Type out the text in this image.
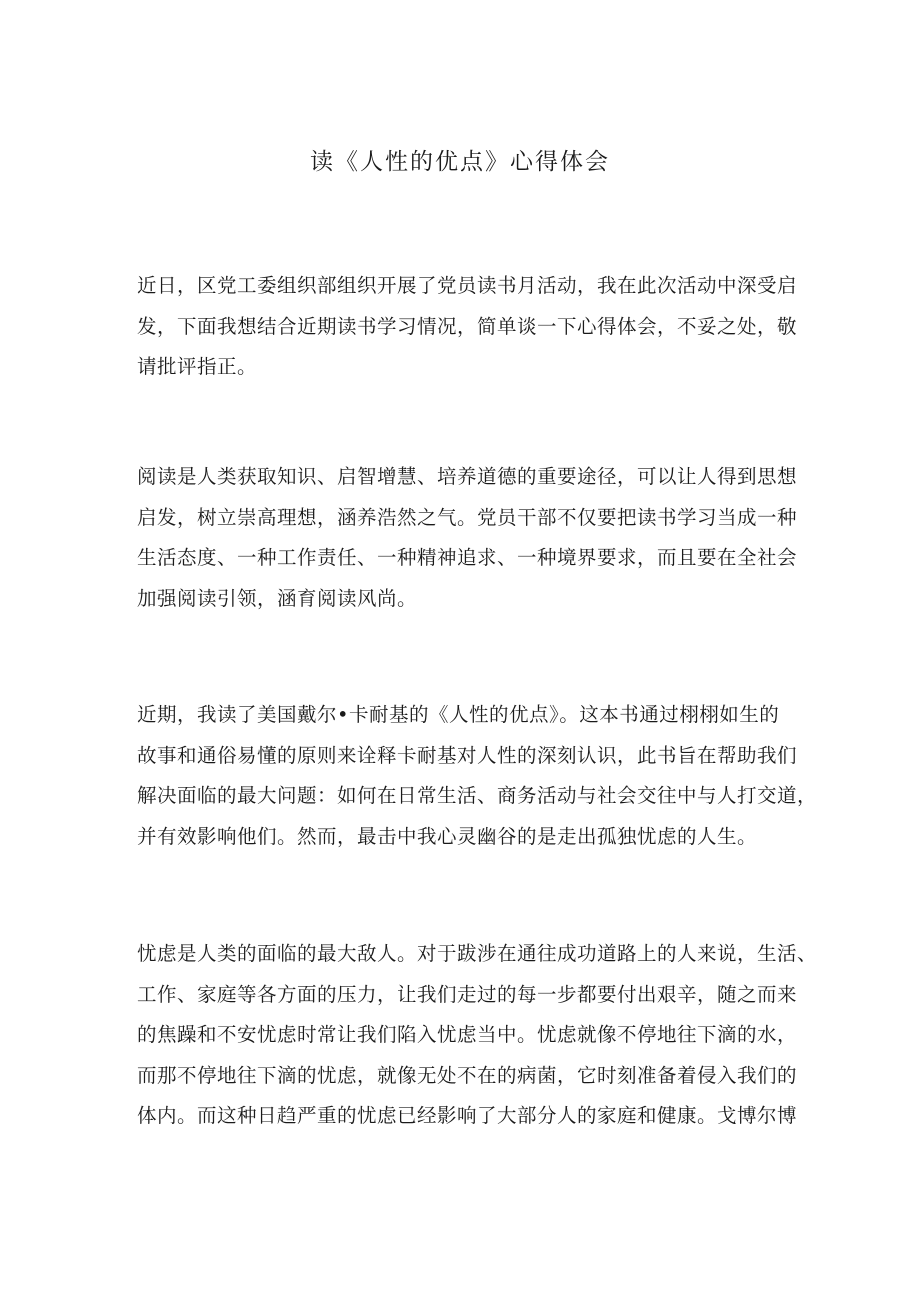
读《人性的优点》心得体会
近日，区党工委组织部组织开展了党员读书月活动，我在此次活动中深受启
发，下面我想结合近期读书学习情况，简单谈一下心得体会，不妥之处，敬
请批评指正。
阅读是人类获取知识、启智增慧、培养道德的重要途径，可以让人得到思想
启发，树立崇高理想，涵养浩然之气。党员干部不仅要把读书学习当成一种
生活态度、一种工作责任、一种精神追求、一种境界要求，而且要在全社会
加强阅读引领，涵育阅读风尚。
近期，我读了美国戴尔•卡耐基的《人性的优点》。这本书通过栩栩如生的
故事和通俗易懂的原则来诠释卡耐基对人性的深刻认识，此书旨在帮助我们
解决面临的最大问题：如何在日常生活、商务活动与社会交往中与人打交道，
并有效影响他们。然而，最击中我心灵幽谷的是走出孤独忧虑的人生。
忧虑是人类的面临的最大敌人。对于跋涉在通往成功道路上的人来说，生活、
工作、家庭等各方面的压力，让我们走过的每一步都要付出艰辛，随之而来
的焦躁和不安忧虑时常让我们陷入忧虑当中。忧虑就像不停地往下滴的水，
而那不停地往下滴的忧虑，就像无处不在的病菌，它时刻准备着侵入我们的
体内。而这种日趋严重的忧虑已经影响了大部分人的家庭和健康。戈博尔博
